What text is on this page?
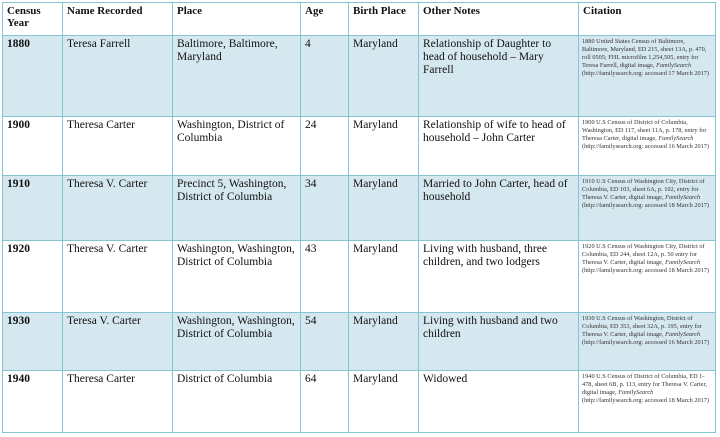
Census Year	Name Recorded	Place	Age	Birth Place	Other Notes	Citation
1880	Teresa Farrell	Baltimore, Baltimore, Maryland	4	Maryland	Relationship of Daughter to head of household – Mary Farrell	1880 United States Census of Baltimore, Baltimore, Maryland, ED 215, sheet 13A, p. 470, roll 0505; FHL microfilm 1,254,505, entry for Teresa Farrell, digital image, FamilySearch (http://familysearch.org: accessed 17 March 2017)
1900	Theresa Carter	Washington, District of Columbia	24	Maryland	Relationship of wife to head of household – John Carter	1900 U.S Census of District of Columbia, Washington, ED 117, sheet 11A, p. 178, entry for Theresa Carter, digital image, FamilySearch (http://familysearch.org: accessed 16 March 2017)
1910	Theresa V. Carter	Precinct 5, Washington, District of Columbia	34	Maryland	Married to John Carter, head of household	1910 U.S Census of Washington City, District of Columbia, ED 103, sheet 6A, p. 102, entry for Theresa V. Carter, digital image, FamilySearch (http://familysearch.org: accessed 18 March 2017)
1920	Theresa V. Carter	Washington, Washington, District of Columbia	43	Maryland	Living with husband, three children, and two lodgers	1920 U.S Census of Washington City, District of Columbia, ED 244, sheet 12A, p. 50 entry for Theresa V. Carter, digital image, FamilySearch (http://familysearch.org: accessed 18 March 2017)
1930	Teresa V. Carter	Washington, Washington, District of Columbia	54	Maryland	Living with husband and two children	1930 U.S Census of Washington, District of Columbia, ED 353, sheet 32A, p. 195, entry for Theresa V. Carter, digital image, FamilySearch (http://familysearch.org: accessed 16 March 2017)
1940	Theresa Carter	District of Columbia	64	Maryland	Widowed	1940 U.S Census of District of Columbia, ED 1-478, sheet 6B, p. 113, entry for Theresa V. Carter, digital image, FamilySearch (http://familysearch.org: accessed 18 March 2017)
